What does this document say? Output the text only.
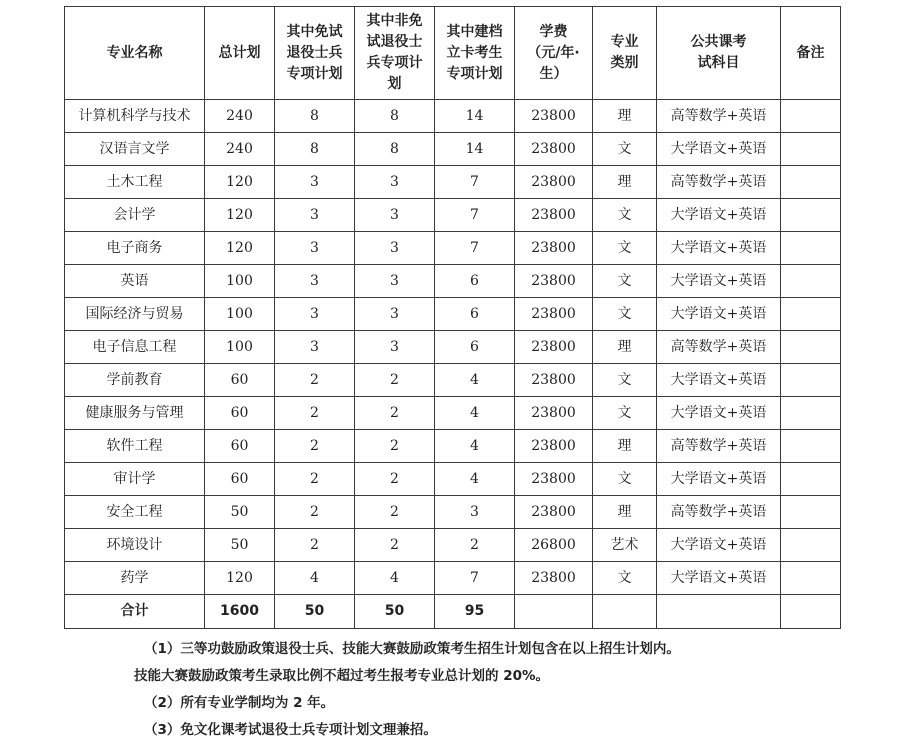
专业名称	总计划	其中免试退役士兵专项计划	其中非免试退役士兵专项计划	其中建档立卡考生专项计划	学费（元/年·生）	专业类别	公共课考试科目	备注
计算机科学与技术	240	8	8	14	23800	理	高等数学+英语	
汉语言文学	240	8	8	14	23800	文	大学语文+英语	
土木工程	120	3	3	7	23800	理	高等数学+英语	
会计学	120	3	3	7	23800	文	大学语文+英语	
电子商务	120	3	3	7	23800	文	大学语文+英语	
英语	100	3	3	6	23800	文	大学语文+英语	
国际经济与贸易	100	3	3	6	23800	文	大学语文+英语	
电子信息工程	100	3	3	6	23800	理	高等数学+英语	
学前教育	60	2	2	4	23800	文	大学语文+英语	
健康服务与管理	60	2	2	4	23800	文	大学语文+英语	
软件工程	60	2	2	4	23800	理	高等数学+英语	
审计学	60	2	2	4	23800	文	大学语文+英语	
安全工程	50	2	2	3	23800	理	高等数学+英语	
环境设计	50	2	2	2	26800	艺术	大学语文+英语	
药学	120	4	4	7	23800	文	大学语文+英语	
合计	1600	50	50	95				

（1）三等功鼓励政策退役士兵、技能大赛鼓励政策考生招生计划包含在以上招生计划内。

技能大赛鼓励政策考生录取比例不超过考生报考专业总计划的 20%。

（2）所有专业学制均为 2 年。

（3）免文化课考试退役士兵专项计划文理兼招。
